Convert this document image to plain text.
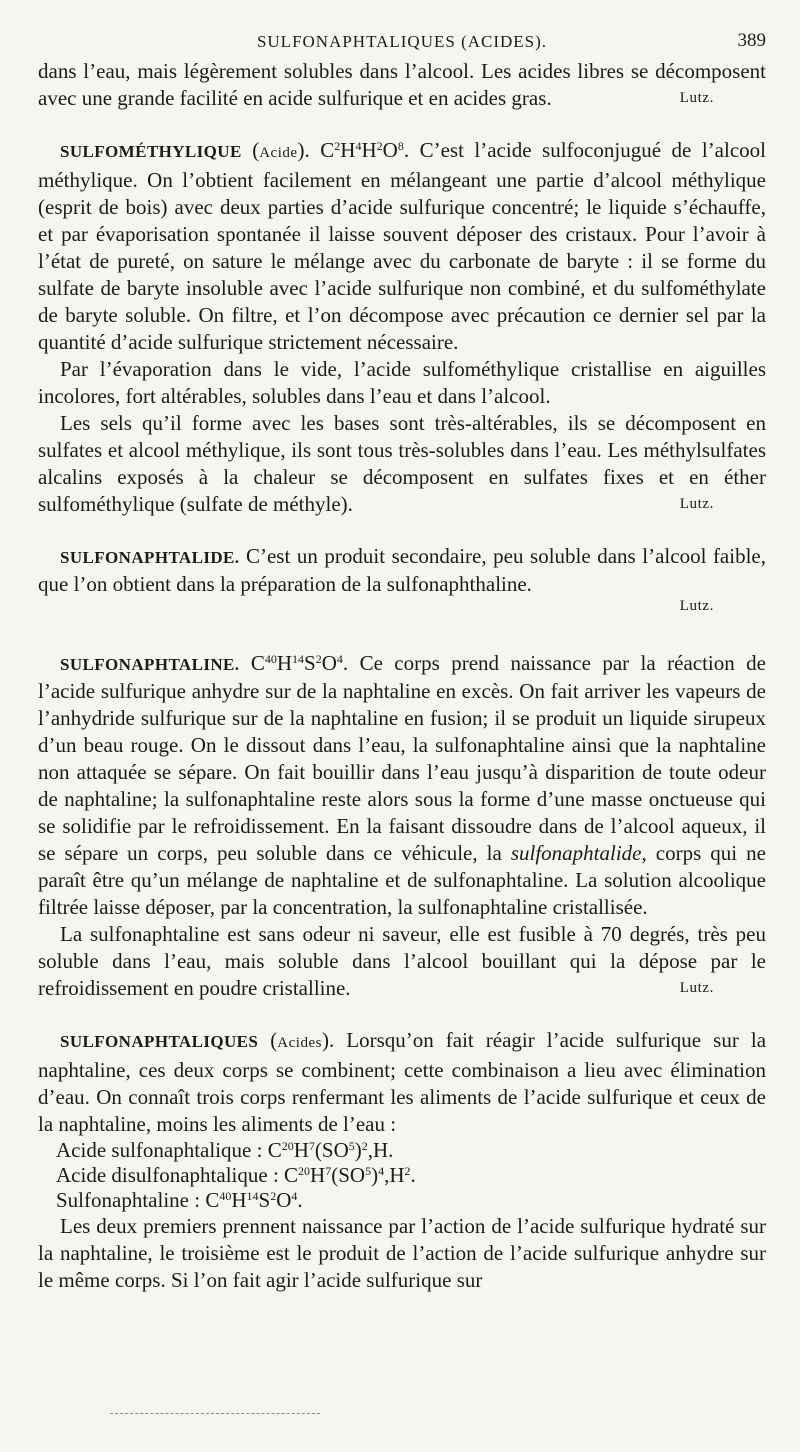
SULFONAPHTALIQUES (ACIDES).	389

dans l’eau, mais légèrement solubles dans l’alcool. Les acides libres se décomposent avec une grande facilité en acide sulfurique et en acides gras.	Lutz.

SULFOMÉTHYLIQUE (Acide). $C^2H^4H^2O^8$. C’est l’acide sulfoconjugué de l’alcool méthylique. On l’obtient facilement en mélangeant une partie d’alcool méthylique (esprit de bois) avec deux parties d’acide sulfurique concentré; le liquide s’échauffe, et par évaporisation spontanée il laisse souvent déposer des cristaux. Pour l’avoir à l’état de pureté, on sature le mélange avec du carbonate de baryte : il se forme du sulfate de baryte insoluble avec l’acide sulfurique non combiné, et du sulfométhylate de baryte soluble. On filtre, et l’on décompose avec précaution ce dernier sel par la quantité d’acide sulfurique strictement nécessaire.

Par l’évaporation dans le vide, l’acide sulfométhylique cristallise en aiguilles incolores, fort altérables, solubles dans l’eau et dans l’alcool.

Les sels qu’il forme avec les bases sont très-altérables, ils se décomposent en sulfates et alcool méthylique, ils sont tous très-solubles dans l’eau. Les méthylsulfates alcalins exposés à la chaleur se décomposent en sulfates fixes et en éther sulfométhylique (sulfate de méthyle).	Lutz.

SULFONAPHTALIDE. C’est un produit secondaire, peu soluble dans l’alcool faible, que l’on obtient dans la préparation de la sulfonaphthaline.

Lutz.

SULFONAPHTALINE. $C^{40}H^{14}S^2O^4$. Ce corps prend naissance par la réaction de l’acide sulfurique anhydre sur de la naphtaline en excès. On fait arriver les vapeurs de l’anhydride sulfurique sur de la naphtaline en fusion; il se produit un liquide sirupeux d’un beau rouge. On le dissout dans l’eau, la sulfonaphtaline ainsi que la naphtaline non attaquée se sépare. On fait bouillir dans l’eau jusqu’à disparition de toute odeur de naphtaline; la sulfonaphtaline reste alors sous la forme d’une masse onctueuse qui se solidifie par le refroidissement. En la faisant dissoudre dans de l’alcool aqueux, il se sépare un corps, peu soluble dans ce véhicule, la sulfonaphtalide, corps qui ne paraît être qu’un mélange de naphtaline et de sulfonaphtaline. La solution alcoolique filtrée laisse déposer, par la concentration, la sulfonaphtaline cristallisée.

La sulfonaphtaline est sans odeur ni saveur, elle est fusible à 70 degrés, très peu soluble dans l’eau, mais soluble dans l’alcool bouillant qui la dépose par le refroidissement en poudre cristalline.	Lutz.

SULFONAPHTALIQUES (Acides). Lorsqu’on fait réagir l’acide sulfurique sur la naphtaline, ces deux corps se combinent; cette combinaison a lieu avec élimination d’eau. On connaît trois corps renfermant les aliments de l’acide sulfurique et ceux de la naphtaline, moins les aliments de l’eau :

Acide sulfonaphtalique : $C^{20}H^7(SO^5)^2,H$.

Acide disulfonaphtalique : $C^{20}H^7(SO^5)^4,H^2$.

Sulfonaphtaline : $C^{40}H^{14}S^2O^4$.

Les deux premiers prennent naissance par l’action de l’acide sulfurique hydraté sur la naphtaline, le troisième est le produit de l’action de l’acide sulfurique anhydre sur le même corps. Si l’on fait agir l’acide sulfurique sur
